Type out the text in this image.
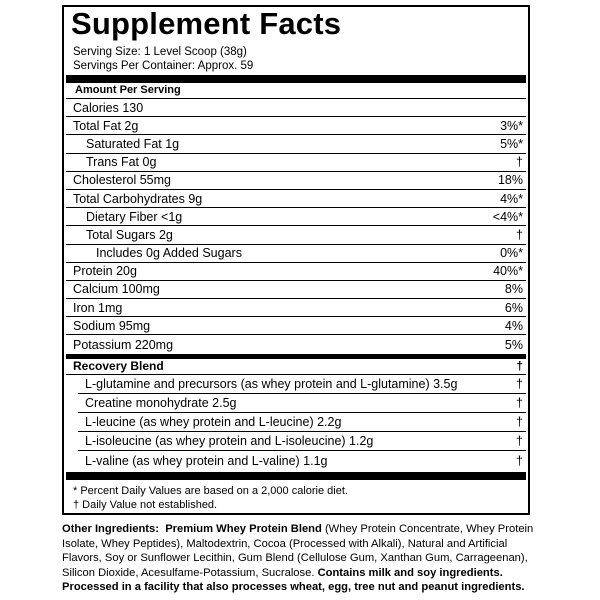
Supplement Facts
Serving Size: 1 Level Scoop (38g)
Servings Per Container: Approx. 59
Amount Per Serving
Calories 130
Total Fat 2g	3%*
Saturated Fat 1g	5%*
Trans Fat 0g	†
Cholesterol 55mg	18%
Total Carbohydrates 9g	4%*
Dietary Fiber <1g	<4%*
Total Sugars 2g	†
Includes 0g Added Sugars	0%*
Protein 20g	40%*
Calcium 100mg	8%
Iron 1mg	6%
Sodium 95mg	4%
Potassium 220mg	5%
Recovery Blend	†
L-glutamine and precursors (as whey protein and L-glutamine) 3.5g	†
Creatine monohydrate 2.5g	†
L-leucine (as whey protein and L-leucine) 2.2g	†
L-isoleucine (as whey protein and L-isoleucine) 1.2g	†
L-valine (as whey protein and L-valine) 1.1g	†
* Percent Daily Values are based on a 2,000 calorie diet.
† Daily Value not established.
Other Ingredients: Premium Whey Protein Blend (Whey Protein Concentrate, Whey Protein Isolate, Whey Peptides), Maltodextrin, Cocoa (Processed with Alkali), Natural and Artificial Flavors, Soy or Sunflower Lecithin, Gum Blend (Cellulose Gum, Xanthan Gum, Carrageenan), Silicon Dioxide, Acesulfame-Potassium, Sucralose. Contains milk and soy ingredients. Processed in a facility that also processes wheat, egg, tree nut and peanut ingredients.
